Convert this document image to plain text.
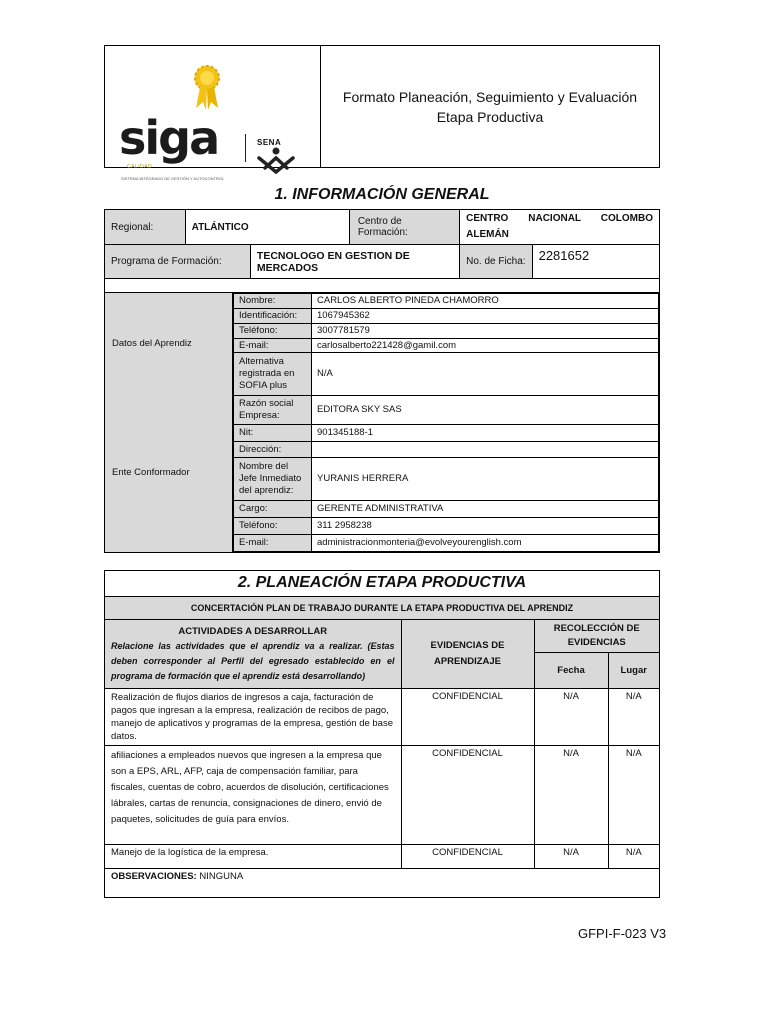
siga
CALIDAD
SISTEMA INTEGRADO DE GESTIÓN Y AUTOCONTROL
SENA
Formato Planeación, Seguimiento y Evaluación Etapa Productiva
1. INFORMACIÓN GENERAL
Regional:	ATLÁNTICO		Centro de Formación:	CENTRO NACIONAL COLOMBO ALEMÁN	
Programa de Formación:		TECNOLOGO EN GESTION DE MERCADOS		No. de Ficha:	2281652

Datos del Aprendiz
Ente Conformador
Nombre:	CARLOS ALBERTO PINEDA CHAMORRO
Identificación:	1067945362
Teléfono:	3007781579
E-mail:	carlosalberto221428@gamil.com
Alternativa registrada en SOFIA plus	N/A
Razón social Empresa:	EDITORA SKY SAS
Nit:	901345188-1
Dirección:	
Nombre del Jefe Inmediato del aprendiz:	YURANIS HERRERA
Cargo:	GERENTE ADMINISTRATIVA
Teléfono:	311 2958238
E-mail:	administracionmonteria@evolveyourenglish.com
2. PLANEACIÓN ETAPA PRODUCTIVA
CONCERTACIÓN PLAN DE TRABAJO DURANTE LA ETAPA PRODUCTIVA DEL APRENDIZ			

ACTIVIDADES A DESARROLLAR
Relacione las actividades que el aprendiz va a realizar. (Estas deben corresponder al Perfil del egresado establecido en el programa de formación que el aprendiz está desarrollando)	EVIDENCIAS DE APRENDIZAJE	RECOLECCIÓN DE EVIDENCIAS	
		Fecha	Lugar
Realización de flujos diarios de ingresos a caja, facturación de pagos que ingresan a la empresa, realización de recibos de pago, manejo de aplicativos y programas de la empresa, gestión de base datos.	CONFIDENCIAL	N/A	N/A
afiliaciones a empleados nuevos que ingresen a la empresa que son a EPS, ARL, AFP, caja de compensación familiar, para fiscales, cuentas de cobro, acuerdos de disolución, certificaciones lábrales, cartas de renuncia, consignaciones de dinero, envió de paquetes, solicitudes de guía para envíos.	CONFIDENCIAL	N/A	N/A
Manejo de la logística de la empresa.	CONFIDENCIAL	N/A	N/A
OBSERVACIONES: NINGUNA			
GFPI-F-023 V3
